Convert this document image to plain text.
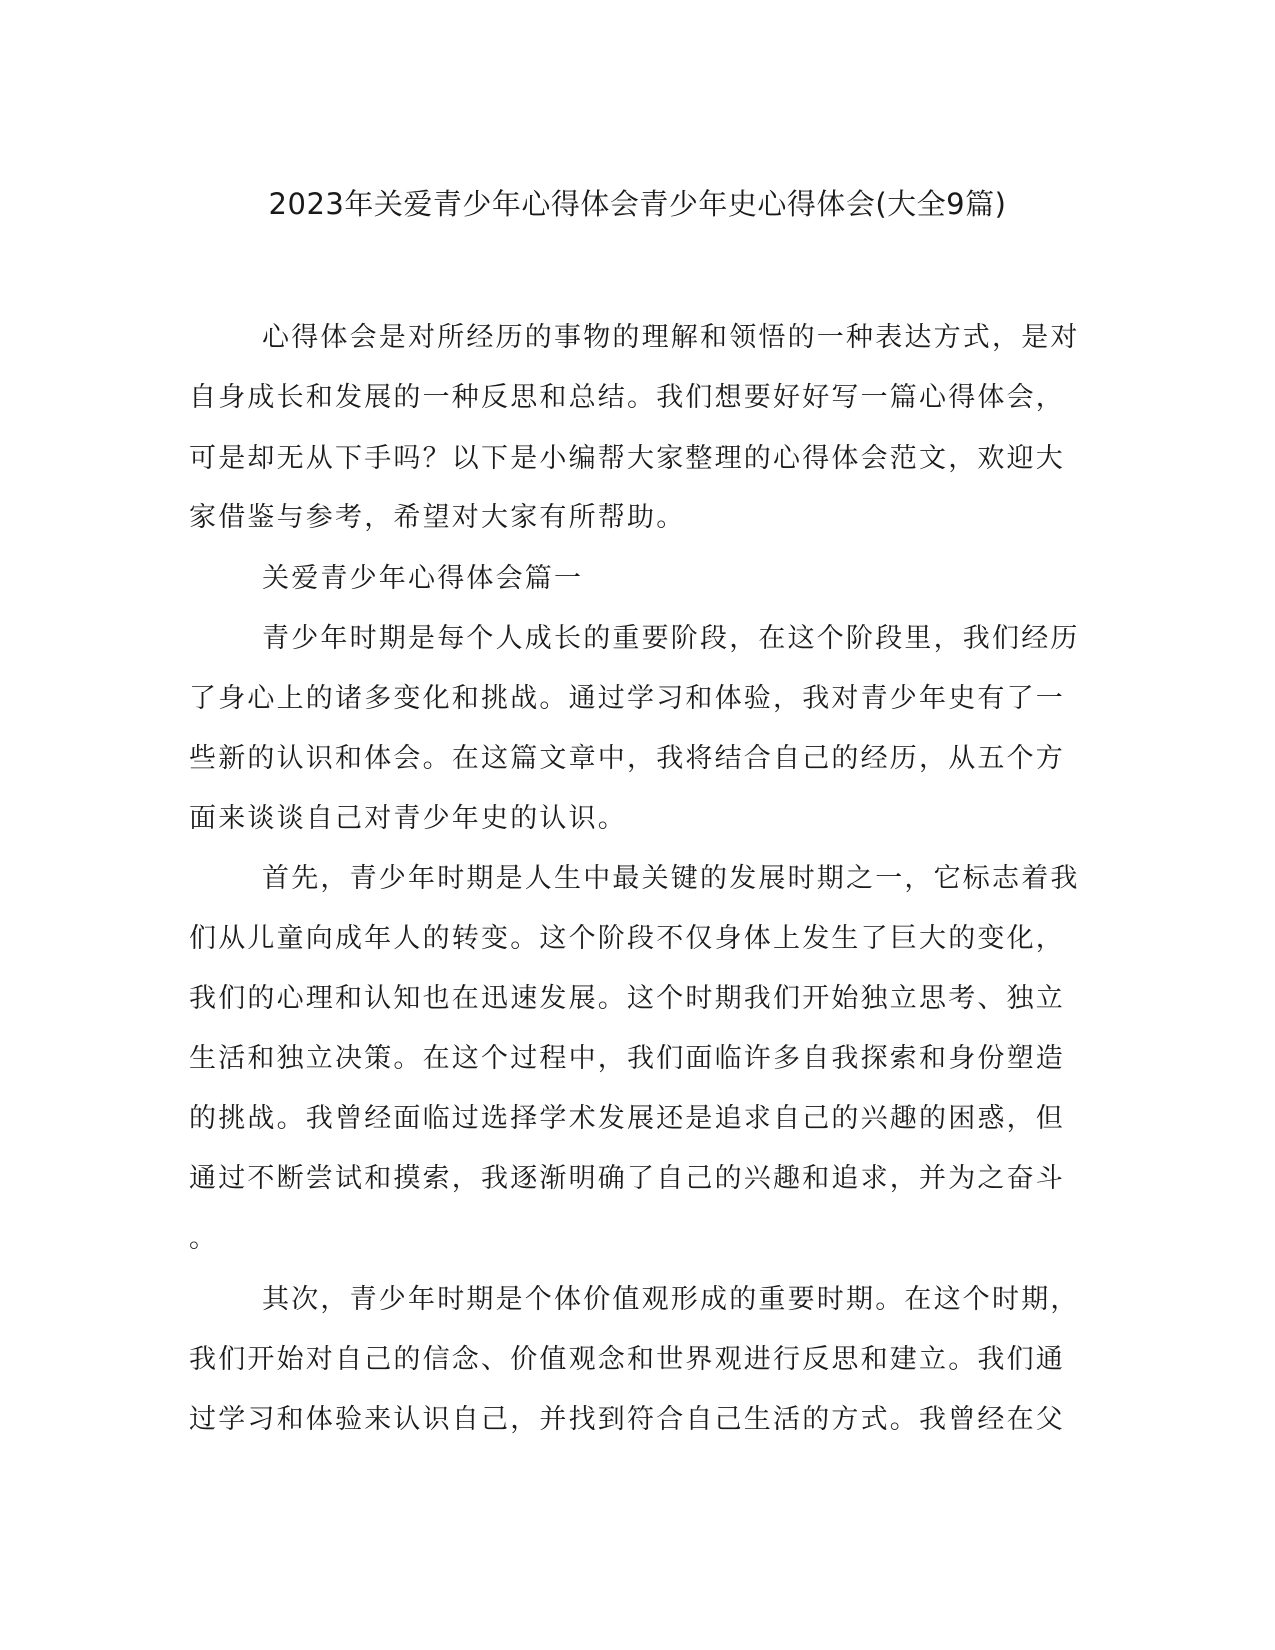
2023年关爱青少年心得体会青少年史心得体会(大全9篇)
心得体会是对所经历的事物的理解和领悟的一种表达方式，是对
自身成长和发展的一种反思和总结。我们想要好好写一篇心得体会，
可是却无从下手吗？以下是小编帮大家整理的心得体会范文，欢迎大
家借鉴与参考，希望对大家有所帮助。
关爱青少年心得体会篇一
青少年时期是每个人成长的重要阶段，在这个阶段里，我们经历
了身心上的诸多变化和挑战。通过学习和体验，我对青少年史有了一
些新的认识和体会。在这篇文章中，我将结合自己的经历，从五个方
面来谈谈自己对青少年史的认识。
首先，青少年时期是人生中最关键的发展时期之一，它标志着我
们从儿童向成年人的转变。这个阶段不仅身体上发生了巨大的变化，
我们的心理和认知也在迅速发展。这个时期我们开始独立思考、独立
生活和独立决策。在这个过程中，我们面临许多自我探索和身份塑造
的挑战。我曾经面临过选择学术发展还是追求自己的兴趣的困惑，但
通过不断尝试和摸索，我逐渐明确了自己的兴趣和追求，并为之奋斗
。
其次，青少年时期是个体价值观形成的重要时期。在这个时期，
我们开始对自己的信念、价值观念和世界观进行反思和建立。我们通
过学习和体验来认识自己，并找到符合自己生活的方式。我曾经在父
